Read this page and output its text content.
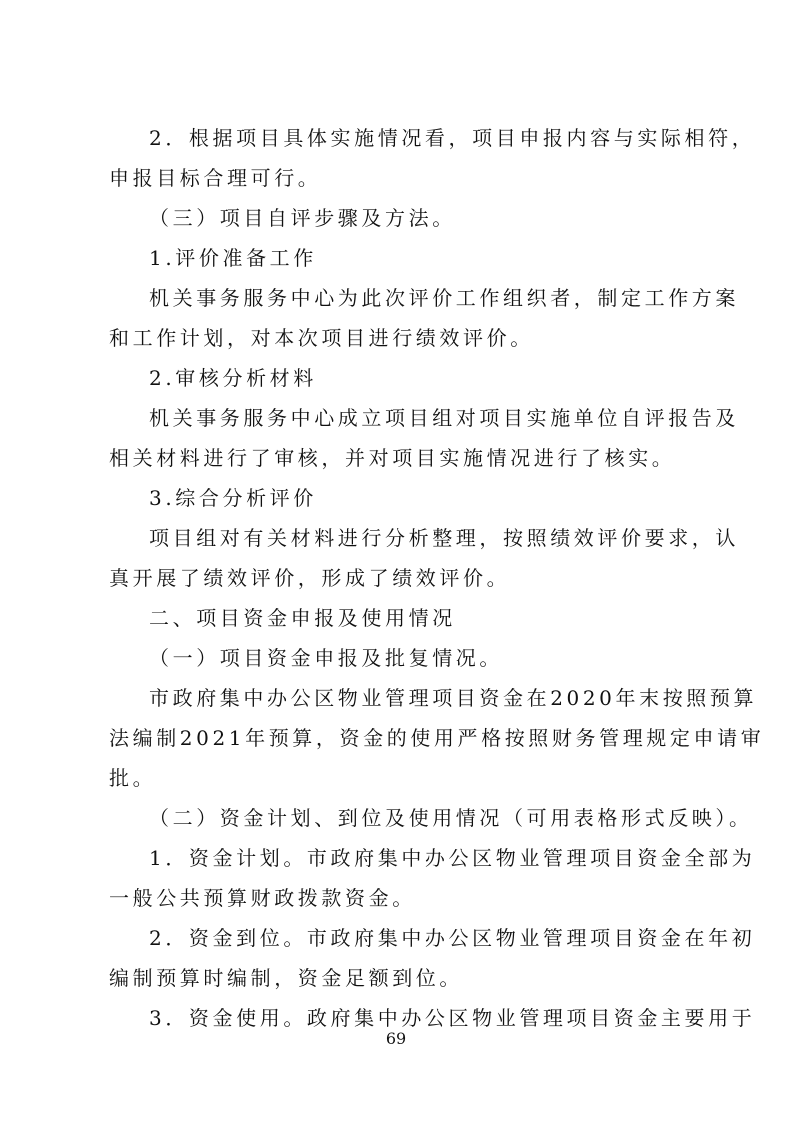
2．根据项目具体实施情况看，项目申报内容与实际相符，
申报目标合理可行。
（三）项目自评步骤及方法。
1.评价准备工作
机关事务服务中心为此次评价工作组织者，制定工作方案
和工作计划，对本次项目进行绩效评价。
2.审核分析材料
机关事务服务中心成立项目组对项目实施单位自评报告及
相关材料进行了审核，并对项目实施情况进行了核实。
3.综合分析评价
项目组对有关材料进行分析整理，按照绩效评价要求，认
真开展了绩效评价，形成了绩效评价。
二、项目资金申报及使用情况
（一）项目资金申报及批复情况。
市政府集中办公区物业管理项目资金在2020年末按照预算
法编制2021年预算，资金的使用严格按照财务管理规定申请审
批。
（二）资金计划、到位及使用情况（可用表格形式反映）。
1．资金计划。市政府集中办公区物业管理项目资金全部为
一般公共预算财政拨款资金。
2．资金到位。市政府集中办公区物业管理项目资金在年初
编制预算时编制，资金足额到位。
3．资金使用。政府集中办公区物业管理项目资金主要用于
69
